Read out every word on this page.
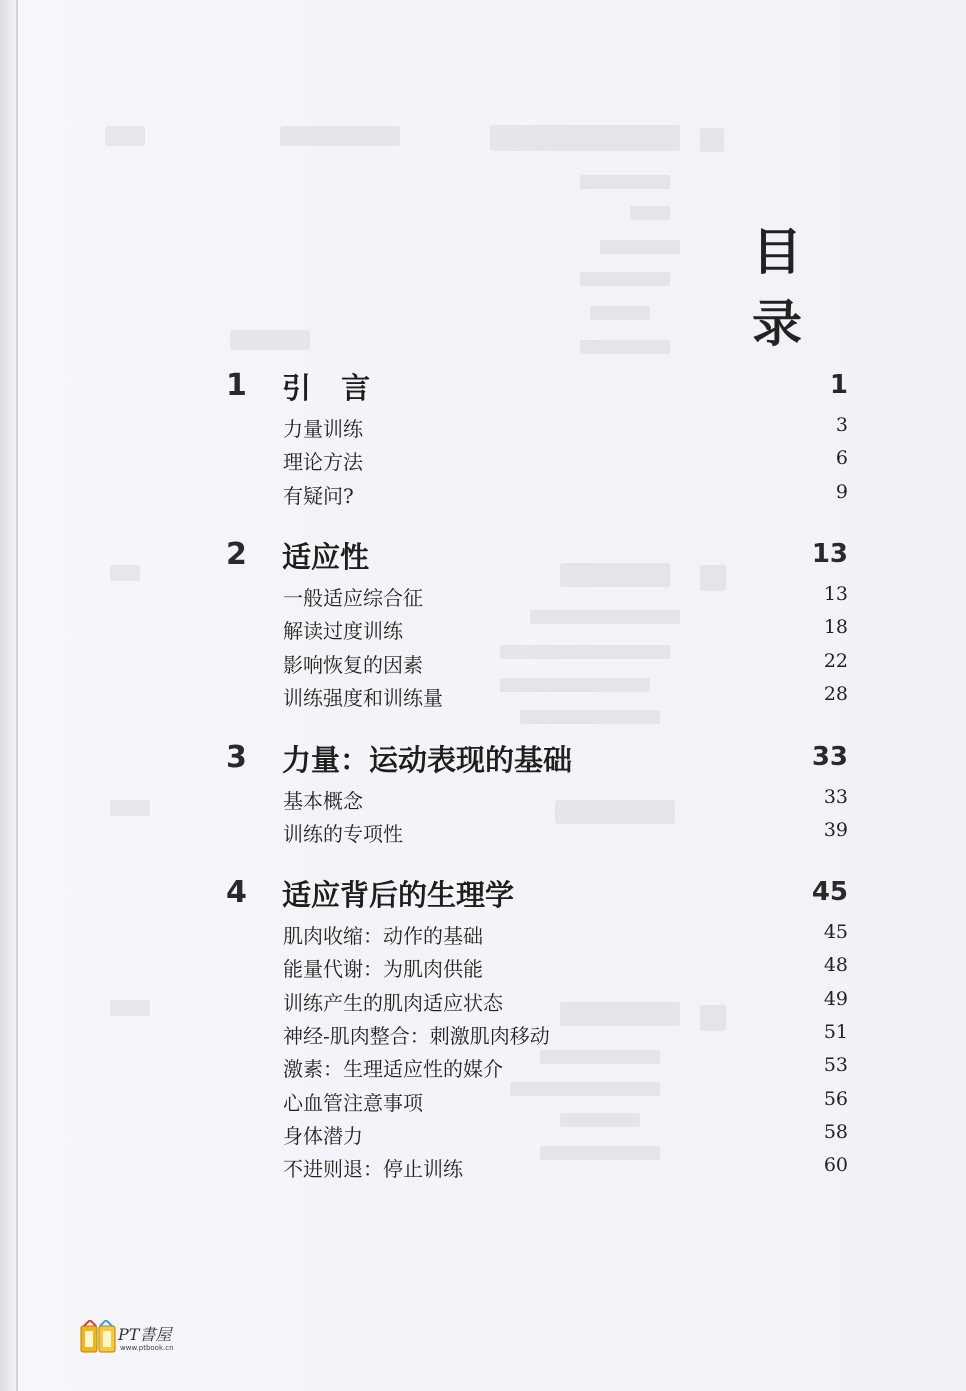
目 录
1 引 言	1
力量训练	3
理论方法	6
有疑问?	9
2 适应性	13
一般适应综合征	13
解读过度训练	18
影响恢复的因素	22
训练强度和训练量	28
3 力量：运动表现的基础	33
基本概念	33
训练的专项性	39
4 适应背后的生理学	45
肌肉收缩：动作的基础	45
能量代谢：为肌肉供能	48
训练产生的肌肉适应状态	49
神经-肌肉整合：刺激肌肉移动	51
激素：生理适应性的媒介	53
心血管注意事项	56
身体潜力	58
不进则退：停止训练	60
PT書屋
www.ptbook.cn
